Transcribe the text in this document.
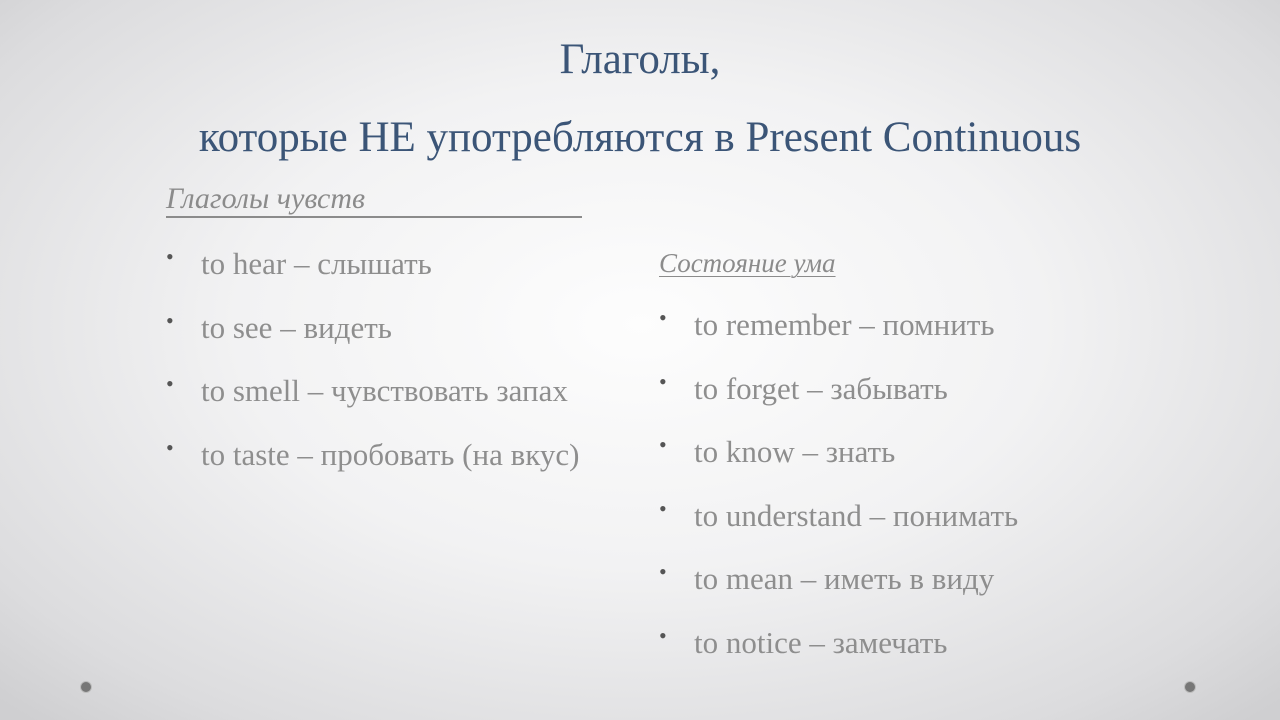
Глаголы,
которые НЕ употребляются в Present Continuous
Глаголы чувств
• to hear – слышать
• to see – видеть
• to smell – чувствовать запах
• to taste – пробовать (на вкус)
Состояние ума
• to remember – помнить
• to forget – забывать
• to know – знать
• to understand – понимать
• to mean – иметь в виду
• to notice – замечать
